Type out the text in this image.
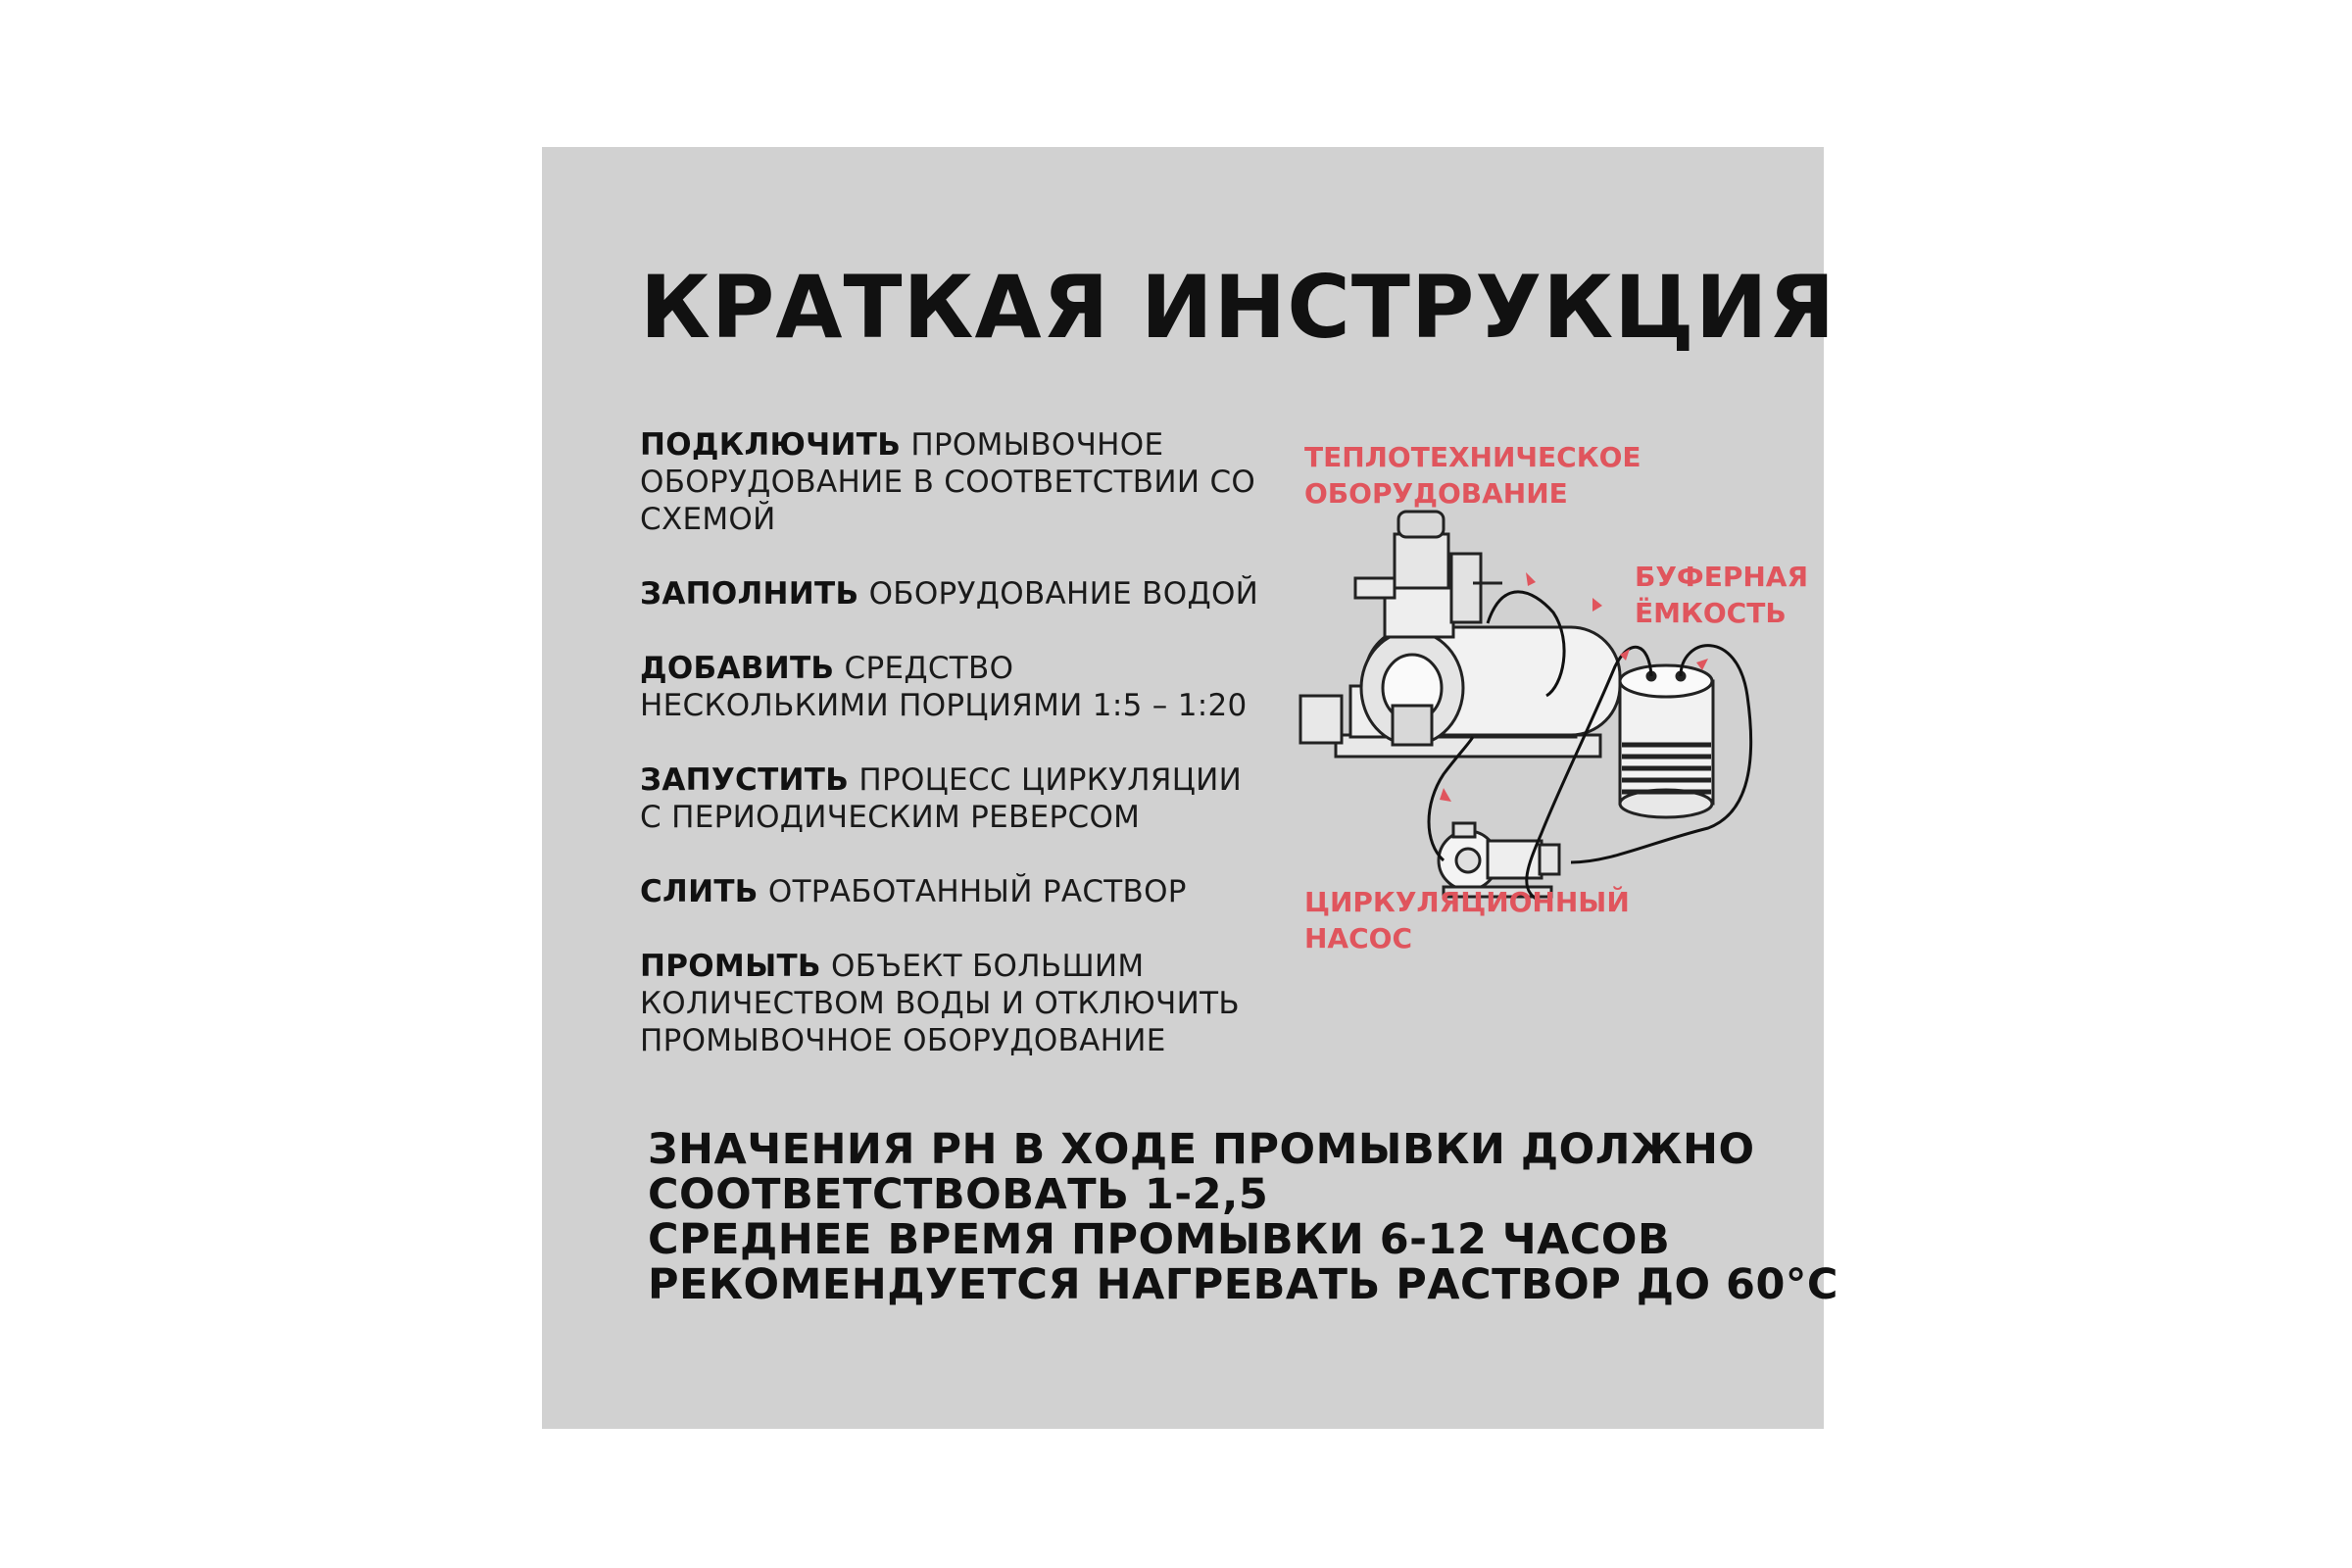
КРАТКАЯ ИНСТРУКЦИЯ
ПОДКЛЮЧИТЬ ПРОМЫВОЧНОЕ ОБОРУДОВАНИЕ В СООТВЕТСТВИИ СО СХЕМОЙ
ЗАПОЛНИТЬ ОБОРУДОВАНИЕ ВОДОЙ
ДОБАВИТЬ СРЕДСТВО НЕСКОЛЬКИМИ ПОРЦИЯМИ 1:5 – 1:20
ЗАПУСТИТЬ ПРОЦЕСС ЦИРКУЛЯЦИИ С ПЕРИОДИЧЕСКИМ РЕВЕРСОМ
СЛИТЬ ОТРАБОТАННЫЙ РАСТВОР
ПРОМЫТЬ ОБЪЕКТ БОЛЬШИМ КОЛИЧЕСТВОМ ВОДЫ И ОТКЛЮЧИТЬ ПРОМЫВОЧНОЕ ОБОРУДОВАНИЕ
ТЕПЛОТЕХНИЧЕСКОЕ
ОБОРУДОВАНИЕ
БУФЕРНАЯ
ЁМКОСТЬ
ЦИРКУЛЯЦИОННЫЙ
НАСОС
ЗНАЧЕНИЯ PH В ХОДЕ ПРОМЫВКИ ДОЛЖНО
СООТВЕТСТВОВАТЬ 1-2,5
СРЕДНЕЕ ВРЕМЯ ПРОМЫВКИ 6-12 ЧАСОВ
РЕКОМЕНДУЕТСЯ НАГРЕВАТЬ РАСТВОР ДО 60°С
